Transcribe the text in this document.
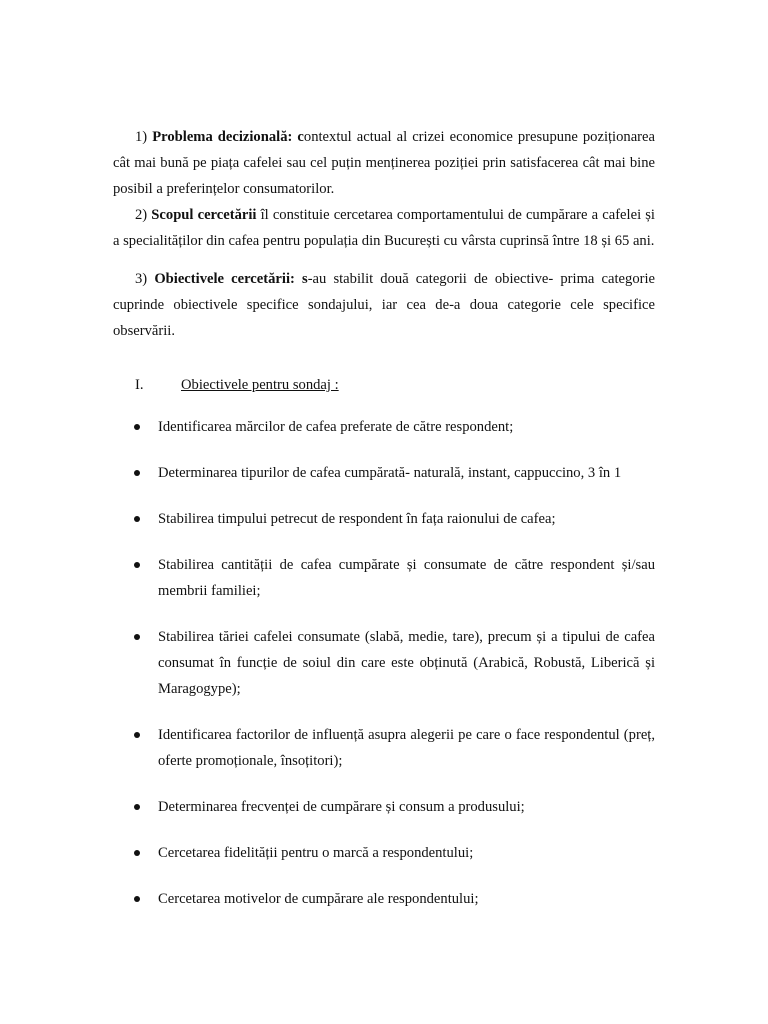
1) Problema decizională: contextul actual al crizei economice presupune poziționarea cât mai bună pe piața cafelei sau cel puțin menținerea poziției prin satisfacerea cât mai bine posibil a preferințelor consumatorilor.

2) Scopul cercetării îl constituie cercetarea comportamentului de cumpărare a cafelei și a specialităților din cafea pentru populația din București cu vârsta cuprinsă între 18 și 65 ani.

3) Obiectivele cercetării: s-au stabilit două categorii de obiective- prima categorie cuprinde obiectivele specifice sondajului, iar cea de-a doua categorie cele specifice observării.

I.	Obiectivele pentru sondaj :
Identificarea mărcilor de cafea preferate de către respondent;
Determinarea tipurilor de cafea cumpărată- naturală, instant, cappuccino, 3 în 1
Stabilirea timpului petrecut de respondent în fața raionului de cafea;
Stabilirea cantității de cafea cumpărate și consumate de către respondent și/sau membrii familiei;
Stabilirea tăriei cafelei consumate (slabă, medie, tare), precum și a tipului de cafea consumat în funcție de soiul din care este obținută (Arabică, Robustă, Liberică și Maragogype);
Identificarea factorilor de influență asupra alegerii pe care o face respondentul (preț, oferte promoționale, însoțitori);
Determinarea frecvenței de cumpărare și consum a produsului;
Cercetarea fidelității pentru o marcă a respondentului;
Cercetarea motivelor de cumpărare ale respondentului;
